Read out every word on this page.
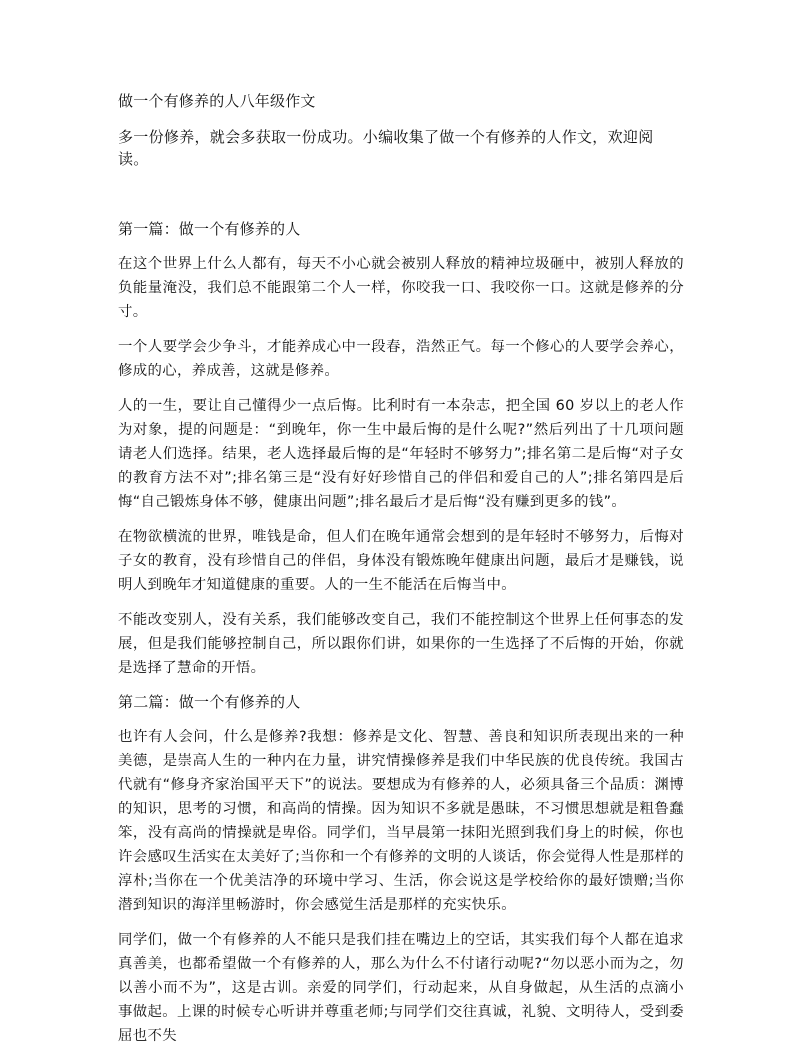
做一个有修养的人八年级作文
多一份修养，就会多获取一份成功。小编收集了做一个有修养的人作文，欢迎阅读。
第一篇：做一个有修养的人

在这个世界上什么人都有，每天不小心就会被别人释放的精神垃圾砸中，被别人释放的负能量淹没，我们总不能跟第二个人一样，你咬我一口、我咬你一口。这就是修养的分寸。

一个人要学会少争斗，才能养成心中一段春，浩然正气。每一个修心的人要学会养心，修成的心，养成善，这就是修养。

人的一生，要让自己懂得少一点后悔。比利时有一本杂志，把全国 60 岁以上的老人作为对象，提的问题是：“到晚年，你一生中最后悔的是什么呢?”然后列出了十几项问题请老人们选择。结果，老人选择最后悔的是“年轻时不够努力”;排名第二是后悔“对子女的教育方法不对”;排名第三是“没有好好珍惜自己的伴侣和爱自己的人”;排名第四是后悔“自己锻炼身体不够，健康出问题”;排名最后才是后悔“没有赚到更多的钱”。

在物欲横流的世界，唯钱是命，但人们在晚年通常会想到的是年轻时不够努力，后悔对子女的教育，没有珍惜自己的伴侣，身体没有锻炼晚年健康出问题，最后才是赚钱，说明人到晚年才知道健康的重要。人的一生不能活在后悔当中。

不能改变别人，没有关系，我们能够改变自己，我们不能控制这个世界上任何事态的发展，但是我们能够控制自己，所以跟你们讲，如果你的一生选择了不后悔的开始，你就是选择了慧命的开悟。

第二篇：做一个有修养的人

也许有人会问，什么是修养?我想：修养是文化、智慧、善良和知识所表现出来的一种美德，是崇高人生的一种内在力量，讲究情操修养是我们中华民族的优良传统。我国古代就有“修身齐家治国平天下”的说法。要想成为有修养的人，必须具备三个品质：渊博的知识，思考的习惯，和高尚的情操。因为知识不多就是愚昧，不习惯思想就是粗鲁蠢笨，没有高尚的情操就是卑俗。同学们，当早晨第一抹阳光照到我们身上的时候，你也许会感叹生活实在太美好了;当你和一个有修养的文明的人谈话，你会觉得人性是那样的淳朴;当你在一个优美洁净的环境中学习、生活，你会说这是学校给你的最好馈赠;当你潜到知识的海洋里畅游时，你会感觉生活是那样的充实快乐。

同学们，做一个有修养的人不能只是我们挂在嘴边上的空话，其实我们每个人都在追求真善美，也都希望做一个有修养的人，那么为什么不付诸行动呢?“勿以恶小而为之，勿以善小而不为”，这是古训。亲爱的同学们，行动起来，从自身做起，从生活的点滴小事做起。上课的时候专心听讲并尊重老师;与同学们交往真诚，礼貌、文明待人，受到委屈也不失
